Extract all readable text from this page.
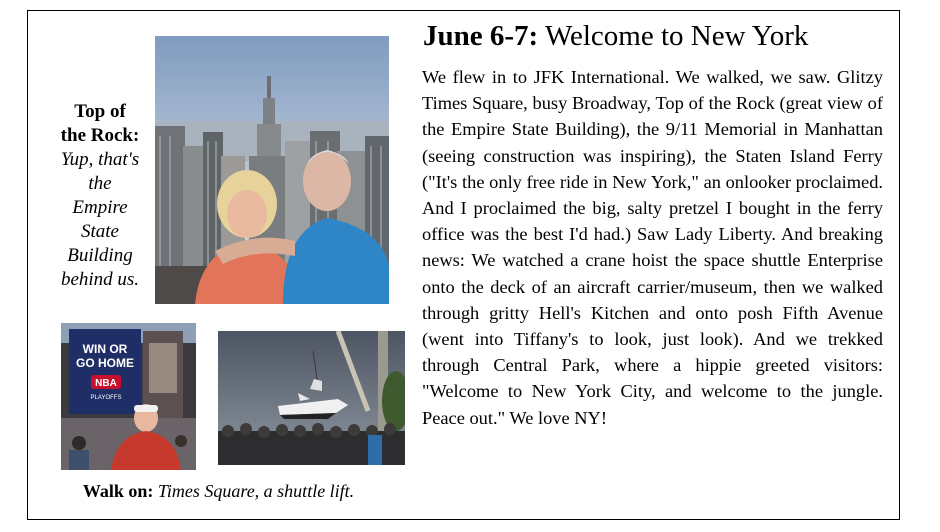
Top of
the Rock:
Yup, that's
the
Empire
State
Building
behind us.
WIN OR
GO HOME
NBA
PLAYOFFS
Walk on: Times Square, a shuttle lift.
June 6-7: Welcome to New York
We flew in to JFK International. We walked, we saw. Glitzy Times Square, busy Broadway, Top of the Rock (great view of the Empire State Building), the 9/11 Memorial in Manhattan (seeing construction was inspiring), the Staten Island Ferry ("It's the only free ride in New York," an onlooker proclaimed. And I proclaimed the big, salty pretzel I bought in the ferry office was the best I'd had.) Saw Lady Liberty. And breaking news: We watched a crane hoist the space shuttle Enterprise onto the deck of an aircraft carrier/museum, then we walked through gritty Hell's Kitchen and onto posh Fifth Avenue (went into Tiffany's to look, just look). And we trekked through Central Park, where a hippie greeted visitors: "Welcome to New York City, and welcome to the jungle. Peace out." We love NY!
